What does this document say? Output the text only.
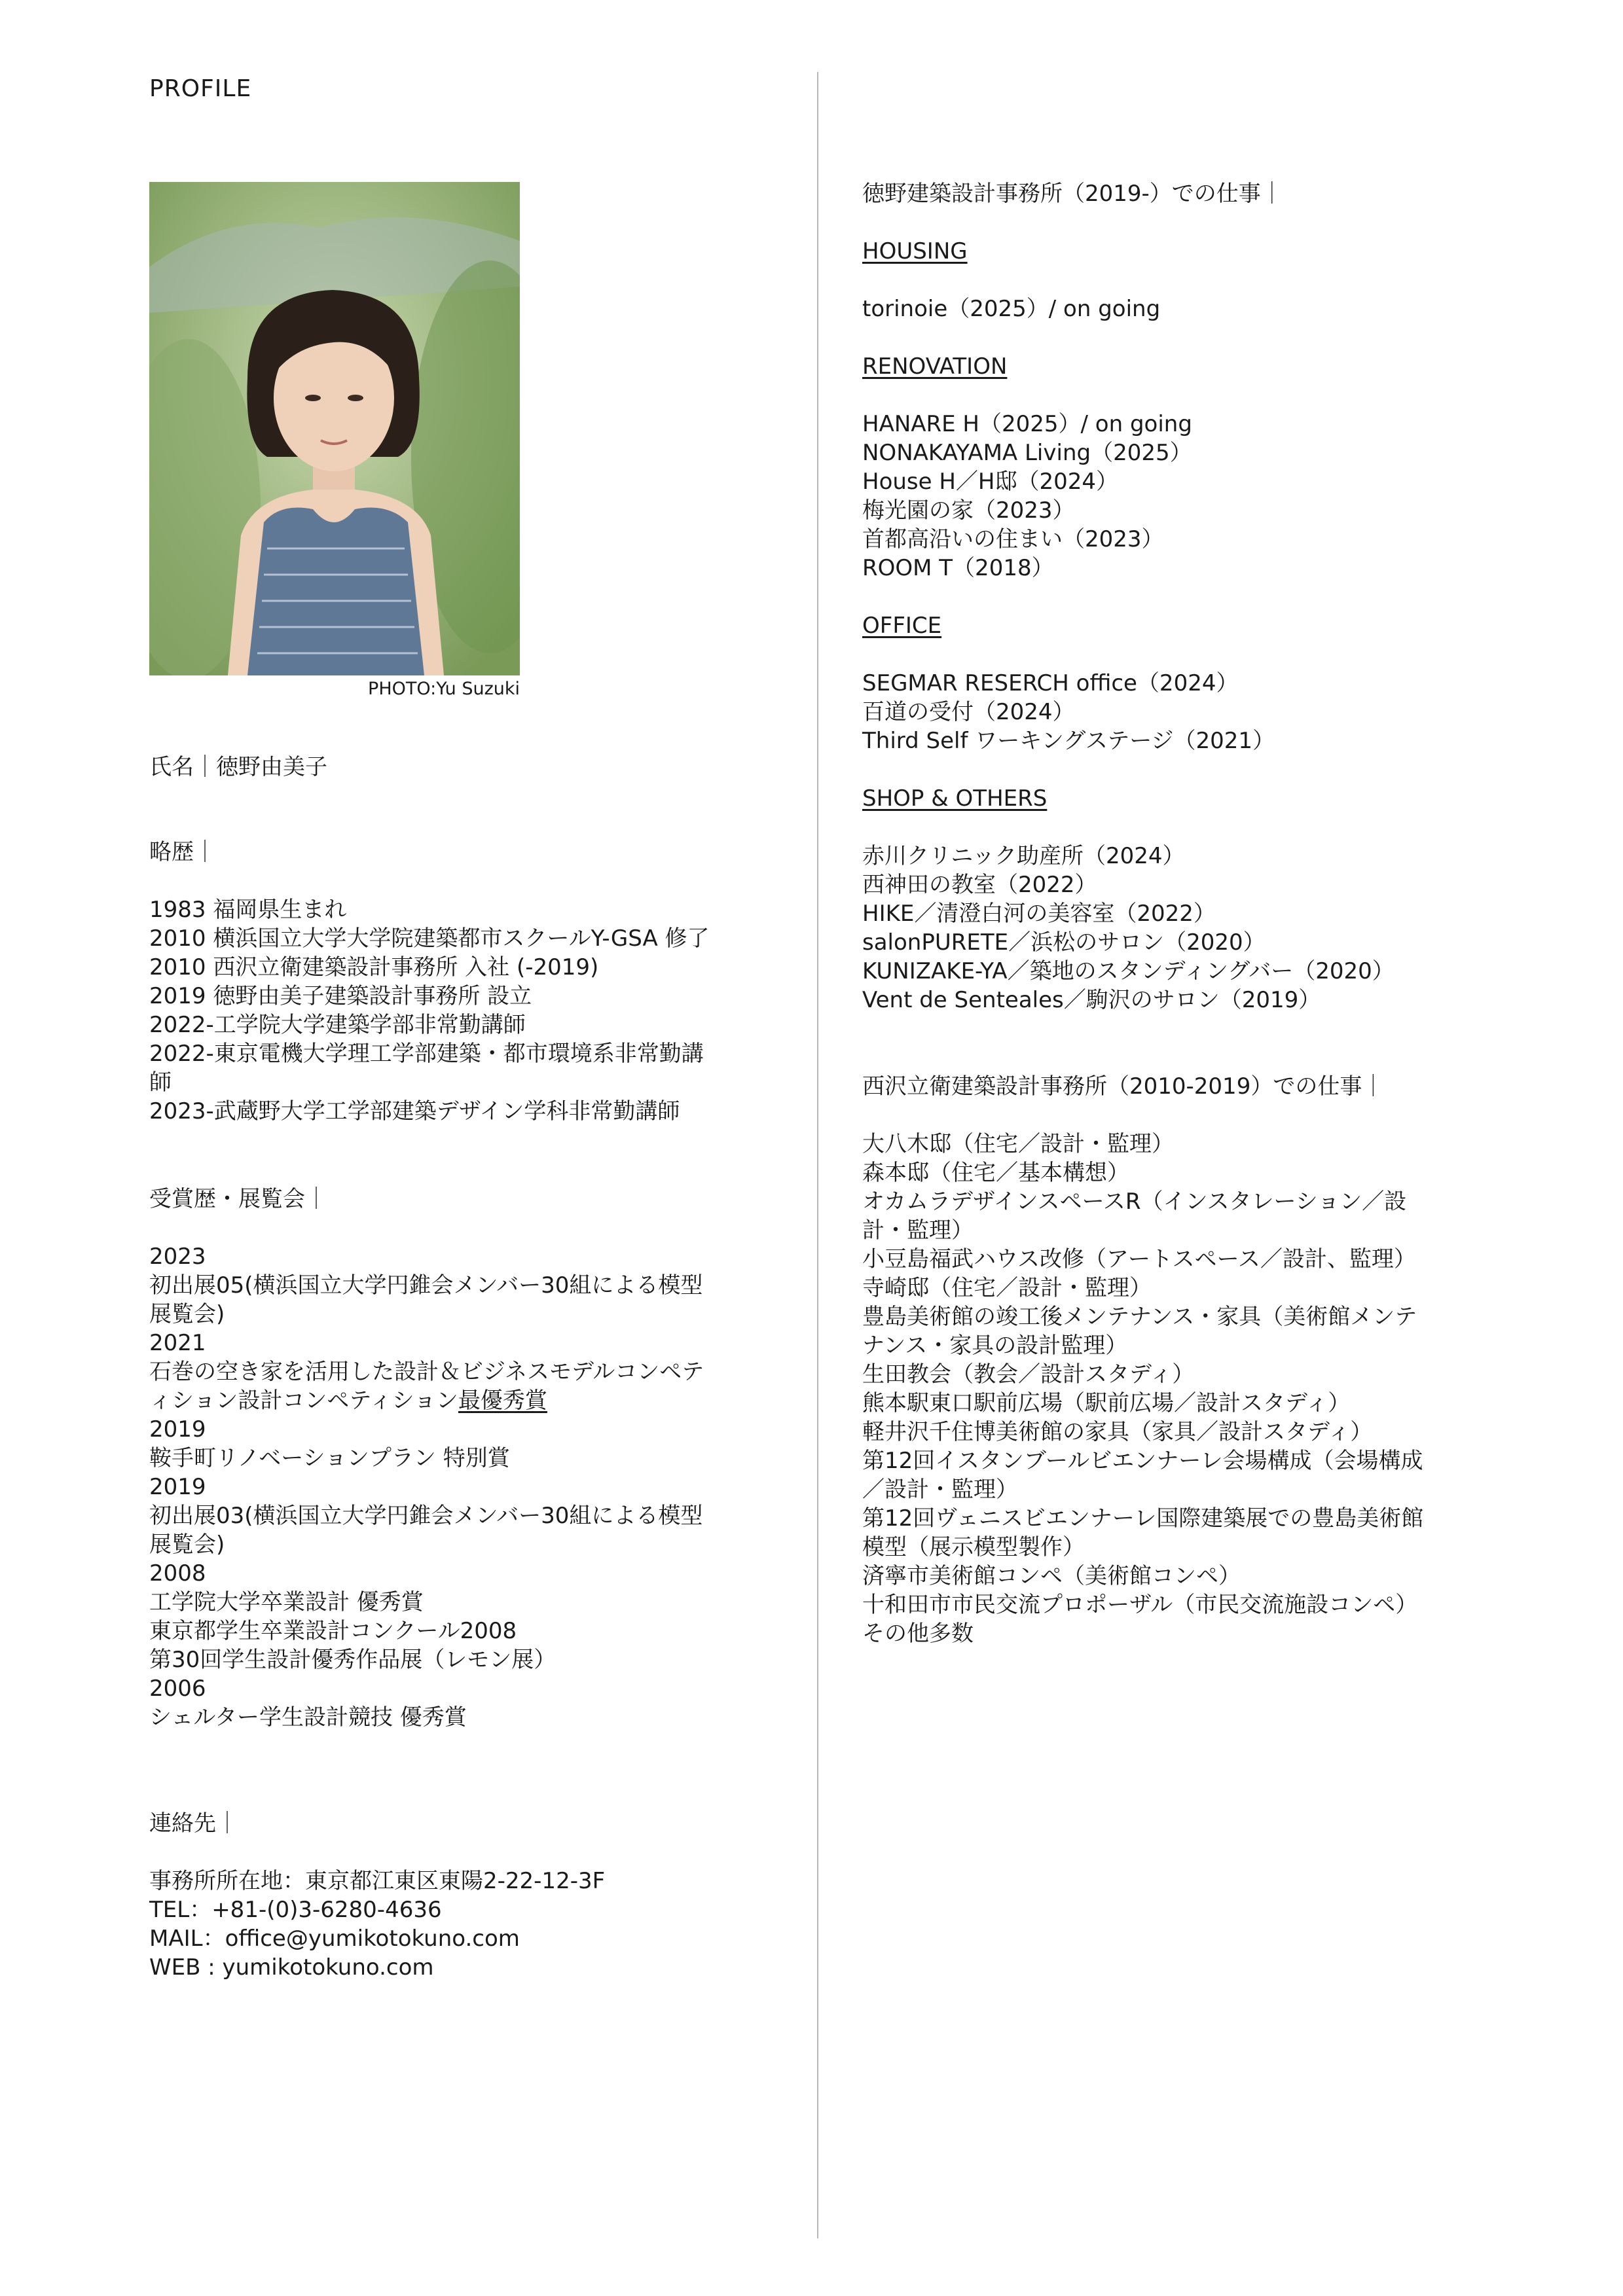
PROFILE
PHOTO:Yu Suzuki
氏名｜徳野由美子
略歴｜
1983 福岡県生まれ
2010 横浜国立大学大学院建築都市スクールY-GSA 修了
2010 西沢立衛建築設計事務所 入社 (-2019)
2019 徳野由美子建築設計事務所 設立
2022-工学院大学建築学部非常勤講師
2022-東京電機大学理工学部建築・都市環境系非常勤講
師
2023-武蔵野大学工学部建築デザイン学科非常勤講師
受賞歴・展覧会｜
2023
初出展05(横浜国立大学円錐会メンバー30組による模型
展覧会)
2021
石巻の空き家を活用した設計＆ビジネスモデルコンペテ
ィション設計コンペティション最優秀賞
2019
鞍手町リノベーションプラン 特別賞
2019
初出展03(横浜国立大学円錐会メンバー30組による模型
展覧会)
2008
工学院大学卒業設計 優秀賞
東京都学生卒業設計コンクール2008
第30回学生設計優秀作品展（レモン展）
2006
シェルター学生設計競技 優秀賞
連絡先｜
事務所所在地：東京都江東区東陽2-22-12-3F
TEL：+81-(0)3-6280-4636
MAIL：office@yumikotokuno.com
WEB : yumikotokuno.com
徳野建築設計事務所（2019-）での仕事｜
HOUSING
torinoie（2025）/ on going
RENOVATION
HANARE H（2025）/ on going
NONAKAYAMA Living（2025）
House H／H邸（2024）
梅光園の家（2023）
首都高沿いの住まい（2023）
ROOM T（2018）
OFFICE
SEGMAR RESERCH office（2024）
百道の受付（2024）
Third Self ワーキングステージ（2021）
SHOP & OTHERS
赤川クリニック助産所（2024）
西神田の教室（2022）
HIKE／清澄白河の美容室（2022）
salonPURETE／浜松のサロン（2020）
KUNIZAKE-YA／築地のスタンディングバー（2020）
Vent de Senteales／駒沢のサロン（2019）
西沢立衛建築設計事務所（2010-2019）での仕事｜
大八木邸（住宅／設計・監理）
森本邸（住宅／基本構想）
オカムラデザインスペースR（インスタレーション／設
計・監理）
小豆島福武ハウス改修（アートスペース／設計、監理）
寺崎邸（住宅／設計・監理）
豊島美術館の竣工後メンテナンス・家具（美術館メンテ
ナンス・家具の設計監理）
生田教会（教会／設計スタディ）
熊本駅東口駅前広場（駅前広場／設計スタディ）
軽井沢千住博美術館の家具（家具／設計スタディ）
第12回イスタンブールビエンナーレ会場構成（会場構成
／設計・監理）
第12回ヴェニスビエンナーレ国際建築展での豊島美術館
模型（展示模型製作）
済寧市美術館コンペ（美術館コンペ）
十和田市市民交流プロポーザル（市民交流施設コンペ）
その他多数
